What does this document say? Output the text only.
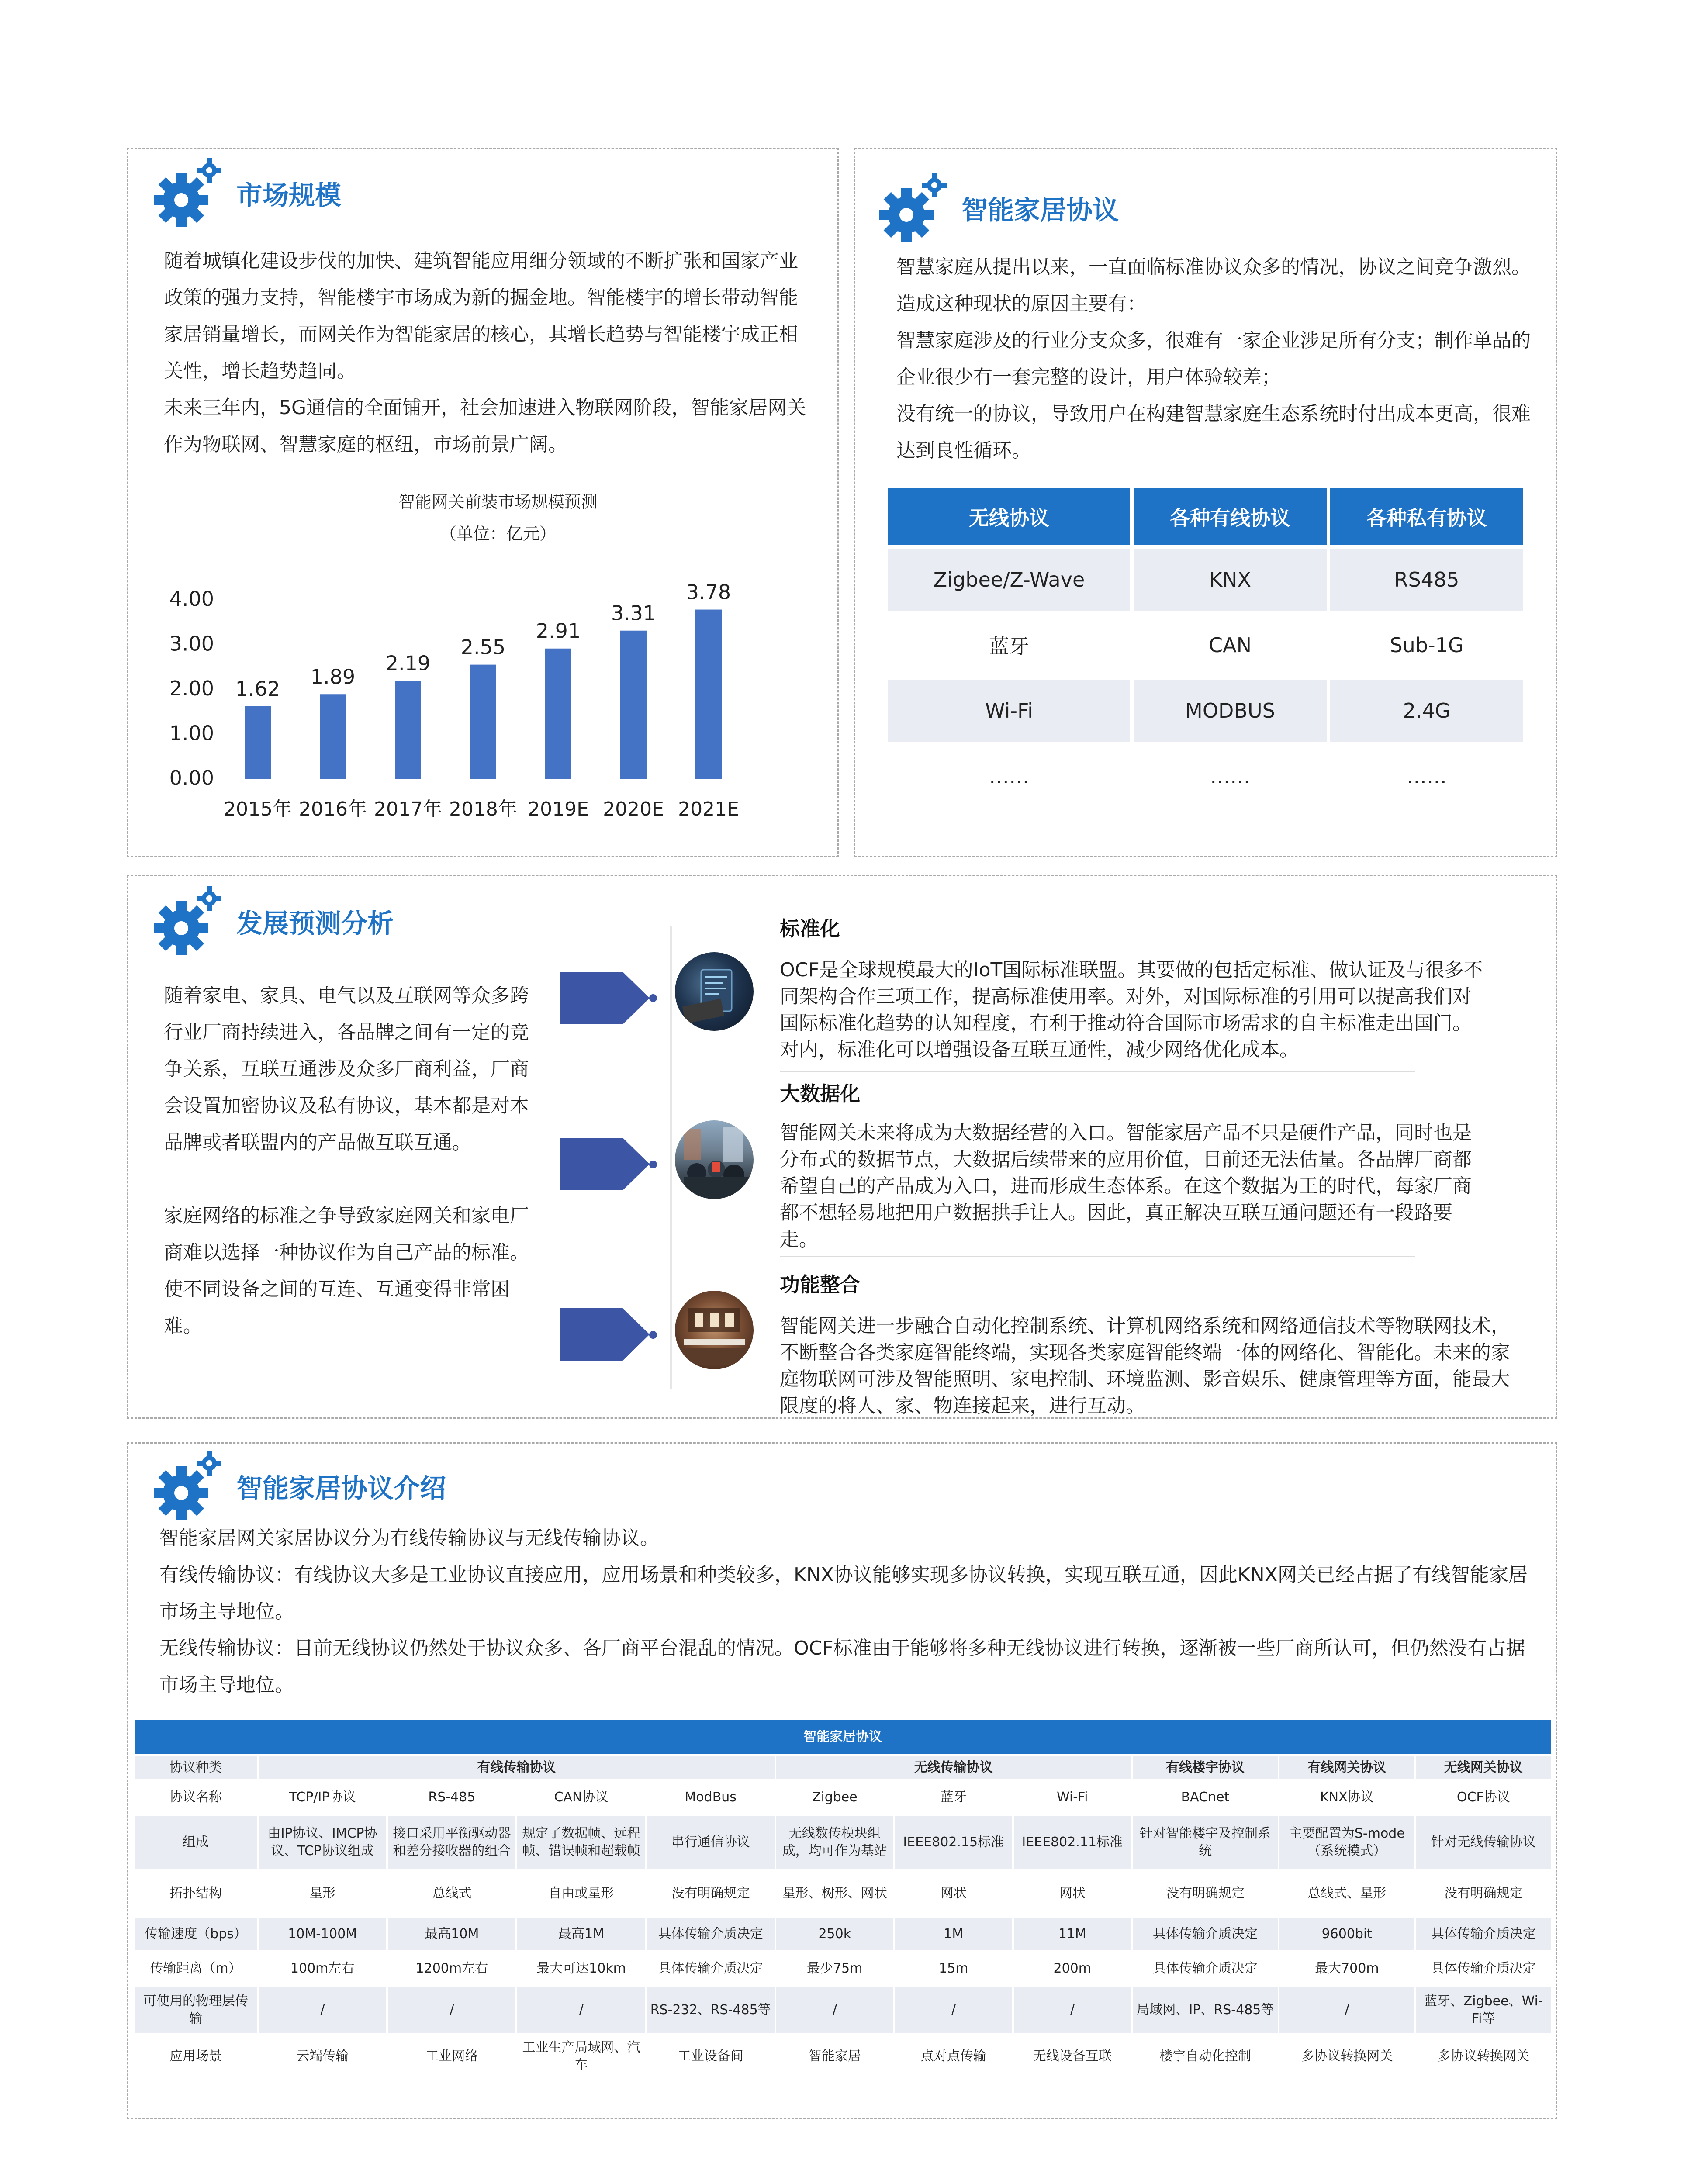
市场规模

随着城镇化建设步伐的加快、建筑智能应用细分领域的不断扩张和国家产业政策的强力支持，智能楼宇市场成为新的掘金地。智能楼宇的增长带动智能家居销量增长，而网关作为智能家居的核心，其增长趋势与智能楼宇成正相关性，增长趋势趋同。

未来三年内，5G通信的全面铺开，社会加速进入物联网阶段，智能家居网关作为物联网、智慧家庭的枢纽，市场前景广阔。

智能网关前装市场规模预测
（单位：亿元）
0.00
1.00
2.00
3.00
4.00
1.62
2015年
1.89
2016年
2.19
2017年
2.55
2018年
2.91
2019E
3.31
2020E
3.78
2021E
智能家居协议

智慧家庭从提出以来，一直面临标准协议众多的情况，协议之间竞争激烈。造成这种现状的原因主要有：

智慧家庭涉及的行业分支众多，很难有一家企业涉足所有分支；制作单品的企业很少有一套完整的设计，用户体验较差；

没有统一的协议，导致用户在构建智慧家庭生态系统时付出成本更高，很难达到良性循环。

无线协议	各种有线协议	各种私有协议
Zigbee/Z-Wave	KNX	RS485
蓝牙	CAN	Sub-1G
Wi-Fi	MODBUS	2.4G
……	……	……
发展预测分析

随着家电、家具、电气以及互联网等众多跨行业厂商持续进入，各品牌之间有一定的竞争关系，互联互通涉及众多厂商利益，厂商会设置加密协议及私有协议，基本都是对本品牌或者联盟内的产品做互联互通。

家庭网络的标准之争导致家庭网关和家电厂商难以选择一种协议作为自己产品的标准。使不同设备之间的互连、互通变得非常困难。

标准化
OCF是全球规模最大的IoT国际标准联盟。其要做的包括定标准、做认证及与很多不同架构合作三项工作，提高标准使用率。对外，对国际标准的引用可以提高我们对国际标准化趋势的认知程度，有利于推动符合国际市场需求的自主标准走出国门。对内，标准化可以增强设备互联互通性，减少网络优化成本。
大数据化
智能网关未来将成为大数据经营的入口。智能家居产品不只是硬件产品，同时也是分布式的数据节点，大数据后续带来的应用价值，目前还无法估量。各品牌厂商都希望自己的产品成为入口，进而形成生态体系。在这个数据为王的时代，每家厂商都不想轻易地把用户数据拱手让人。因此，真正解决互联互通问题还有一段路要走。
功能整合
智能网关进一步融合自动化控制系统、计算机网络系统和网络通信技术等物联网技术，不断整合各类家庭智能终端，实现各类家庭智能终端一体的网络化、智能化。未来的家庭物联网可涉及智能照明、家电控制、环境监测、影音娱乐、健康管理等方面，能最大限度的将人、家、物连接起来，进行互动。
智能家居协议介绍

智能家居网关家居协议分为有线传输协议与无线传输协议。

有线传输协议：有线协议大多是工业协议直接应用，应用场景和种类较多，KNX协议能够实现多协议转换，实现互联互通，因此KNX网关已经占据了有线智能家居市场主导地位。

无线传输协议：目前无线协议仍然处于协议众多、各厂商平台混乱的情况。OCF标准由于能够将多种无线协议进行转换，逐渐被一些厂商所认可，但仍然没有占据市场主导地位。

智能家居协议										
协议种类	有线传输协议				无线传输协议			有线楼宇协议	有线网关协议	无线网关协议
协议名称	TCP/IP协议	RS-485	CAN协议	ModBus	Zigbee	蓝牙	Wi-Fi	BACnet	KNX协议	OCF协议
组成	由IP协议、IMCP协议、TCP协议组成	接口采用平衡驱动器和差分接收器的组合	规定了数据帧、远程帧、错误帧和超载帧	串行通信协议	无线数传模块组成，均可作为基站	IEEE802.15标准	IEEE802.11标准	针对智能楼宇及控制系统	主要配置为S-mode（系统模式）	针对无线传输协议
拓扑结构	星形	总线式	自由或星形	没有明确规定	星形、树形、网状	网状	网状	没有明确规定	总线式、星形	没有明确规定
传输速度（bps）	10M-100M	最高10M	最高1M	具体传输介质决定	250k	1M	11M	具体传输介质决定	9600bit	具体传输介质决定
传输距离（m）	100m左右	1200m左右	最大可达10km	具体传输介质决定	最少75m	15m	200m	具体传输介质决定	最大700m	具体传输介质决定
可使用的物理层传输	/	/	/	RS-232、RS-485等	/	/	/	局域网、IP、RS-485等	/	蓝牙、Zigbee、Wi-Fi等
应用场景	云端传输	工业网络	工业生产局域网、汽车	工业设备间	智能家居	点对点传输	无线设备互联	楼宇自动化控制	多协议转换网关	多协议转换网关
